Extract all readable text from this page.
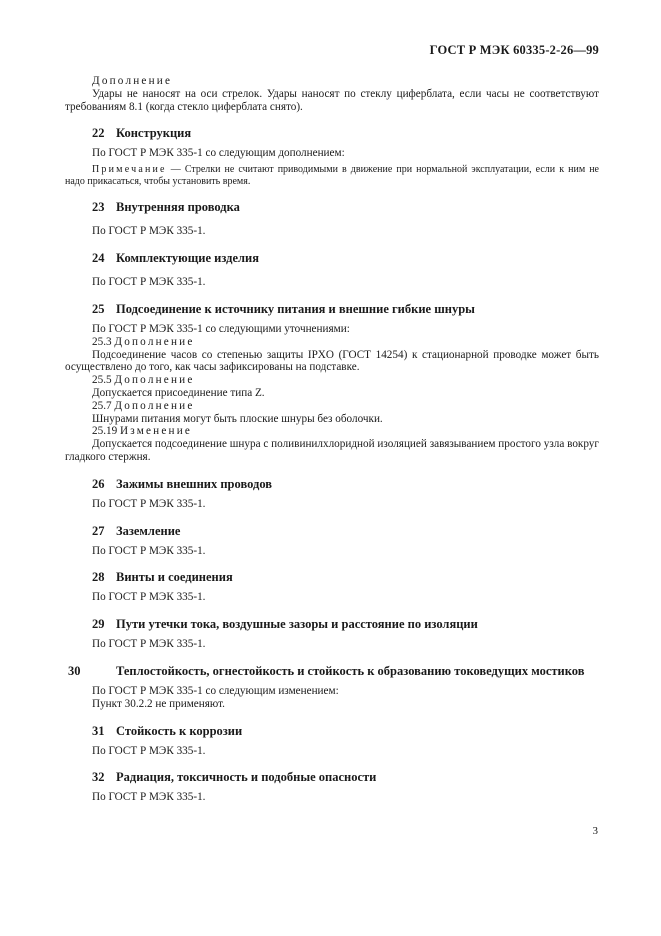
ГОСТ Р МЭК 60335-2-26—99

Дополнение

Удары не наносят на оси стрелок. Удары наносят по стеклу циферблата, если часы не соответствуют требованиям 8.1 (когда стекло циферблата снято).

22 Конструкция

По ГОСТ Р МЭК 335-1 со следующим дополнением:

Примечание — Стрелки не считают приводимыми в движение при нормальной эксплуатации, если к ним не надо прикасаться, чтобы установить время.

23 Внутренняя проводка

По ГОСТ Р МЭК 335-1.

24 Комплектующие изделия

По ГОСТ Р МЭК 335-1.

25 Подсоединение к источнику питания и внешние гибкие шнуры

По ГОСТ Р МЭК 335-1 со следующими уточнениями:

25.3 Дополнение

Подсоединение часов со степенью защиты IPXO (ГОСТ 14254) к стационарной проводке может быть осуществлено до того, как часы зафиксированы на подставке.

25.5 Дополнение

Допускается присоединение типа Z.

25.7 Дополнение

Шнурами питания могут быть плоские шнуры без оболочки.

25.19 Изменение

Допускается подсоединение шнура с поливинилхлоридной изоляцией завязыванием простого узла вокруг гладкого стержня.

26 Зажимы внешних проводов

По ГОСТ Р МЭК 335-1.

27 Заземление

По ГОСТ Р МЭК 335-1.

28 Винты и соединения

По ГОСТ Р МЭК 335-1.

29 Пути утечки тока, воздушные зазоры и расстояние по изоляции

По ГОСТ Р МЭК 335-1.

30	Теплостойкость, огнестойкость и стойкость к образованию токоведущих мостиков

По ГОСТ Р МЭК 335-1 со следующим изменением:

Пункт 30.2.2 не применяют.

31 Стойкость к коррозии

По ГОСТ Р МЭК 335-1.

32 Радиация, токсичность и подобные опасности

По ГОСТ Р МЭК 335-1.

3
